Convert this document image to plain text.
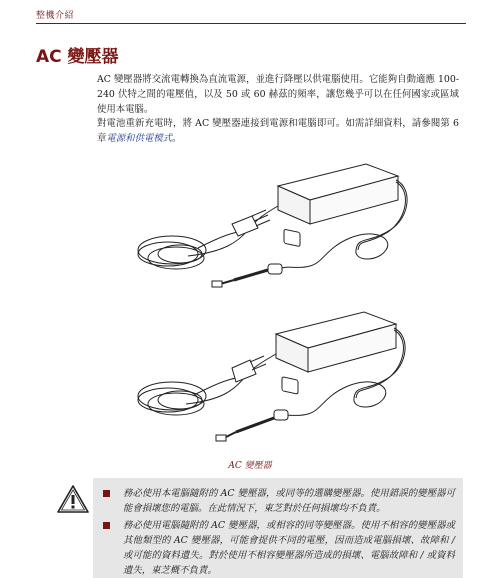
整機介紹
AC 變壓器
AC 變壓器將交流電轉換為直流電源，並進行降壓以供電腦使用。它能夠自動適應 100-240 伏特之間的電壓值，以及 50 或 60 赫茲的頻率，讓您幾乎可以在任何國家或區域使用本電腦。
對電池重新充電時，將 AC 變壓器連接到電源和電腦即可。如需詳細資料，請參閱第 6 章電源和供電模式。
AC 變壓器
務必使用本電腦隨附的 AC 變壓器，或同等的選購變壓器。使用錯誤的變壓器可能會損壞您的電腦。在此情況下，東芝對於任何損壞均不負責。
務必使用電腦隨附的 AC 變壓器，或相容的同等變壓器。使用不相容的變壓器或其他類型的 AC 變壓器，可能會提供不同的電壓，因而造成電腦損壞、故障和 / 或可能的資料遺失。對於使用不相容變壓器所造成的損壞、電腦故障和 / 或資料遺失，東芝概不負責。
